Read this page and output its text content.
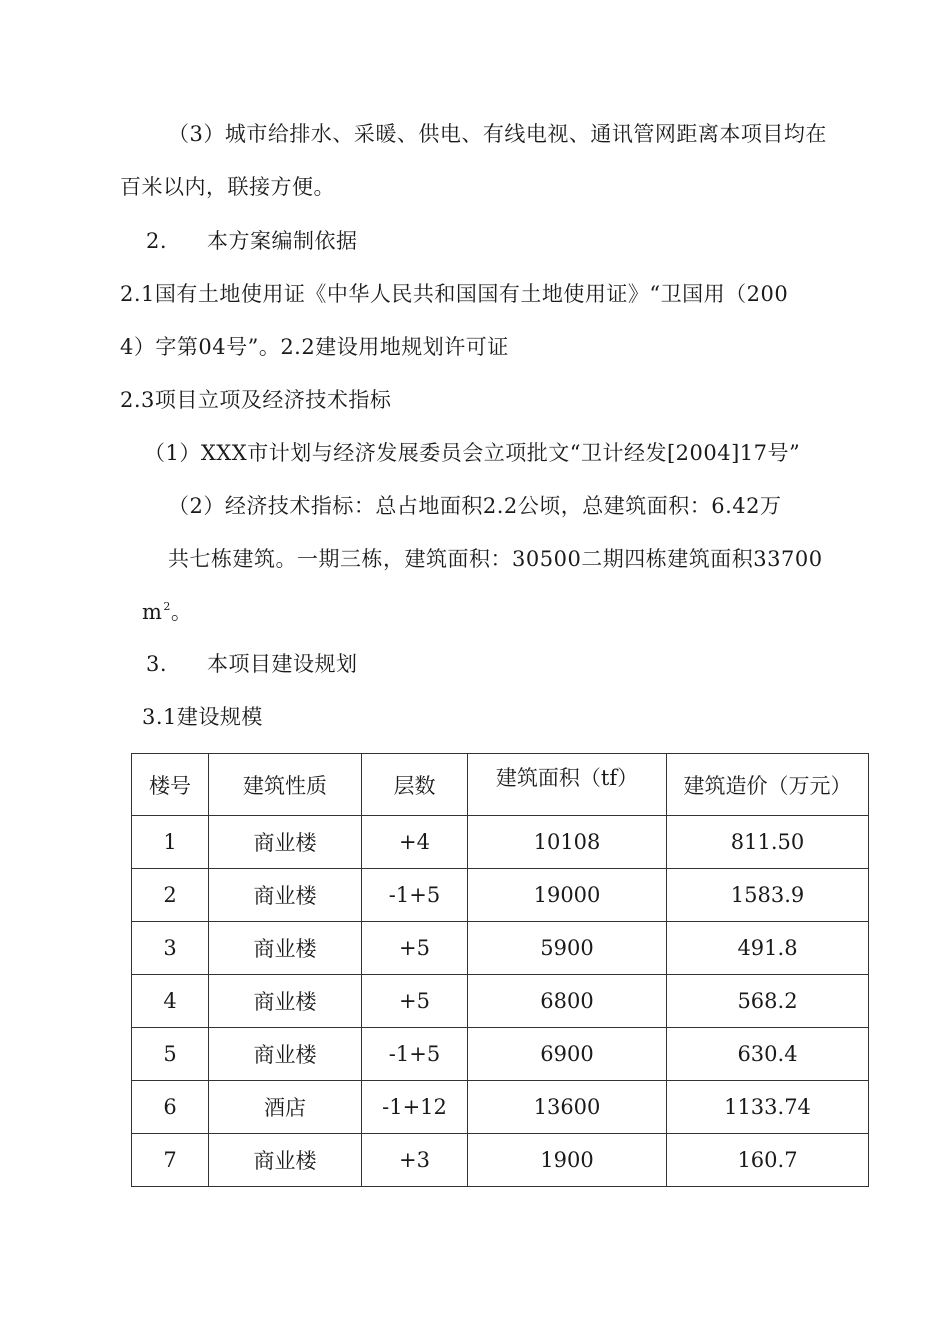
（3）城市给排水、采暖、供电、有线电视、通讯管网距离本项目均在
百米以内，联接方便。
2. 本方案编制依据
2.1国有土地使用证《中华人民共和国国有土地使用证》“卫国用（200
4）字第04号”。2.2建设用地规划许可证
2.3项目立项及经济技术指标
（1）XXX市计划与经济发展委员会立项批文“卫计经发[2004]17号”
（2）经济技术指标：总占地面积2.2公顷，总建筑面积：6.42万
共七栋建筑。一期三栋，建筑面积：30500二期四栋建筑面积33700
$m^2$。
3. 本项目建设规划
3.1建设规模
楼号	建筑性质	层数	建筑面积（tf）	建筑造价（万元）
1	商业楼	+4	10108	811.50
2	商业楼	-1+5	19000	1583.9
3	商业楼	+5	5900	491.8
4	商业楼	+5	6800	568.2
5	商业楼	-1+5	6900	630.4
6	酒店	-1+12	13600	1133.74
7	商业楼	+3	1900	160.7
